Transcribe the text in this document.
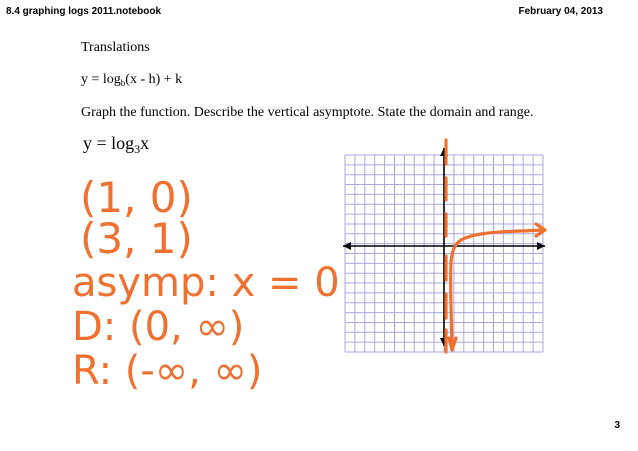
8.4 graphing logs 2011.notebook	February 04, 2013
Translations
$y = \log_b(x - h) + k$
Graph the function. Describe the vertical asymptote. State the domain and range.
$y = \log_3x$
(1, 0)
(3, 1)
asymp: x = 0
D: (0, ∞)
R: (-∞, ∞)
3
